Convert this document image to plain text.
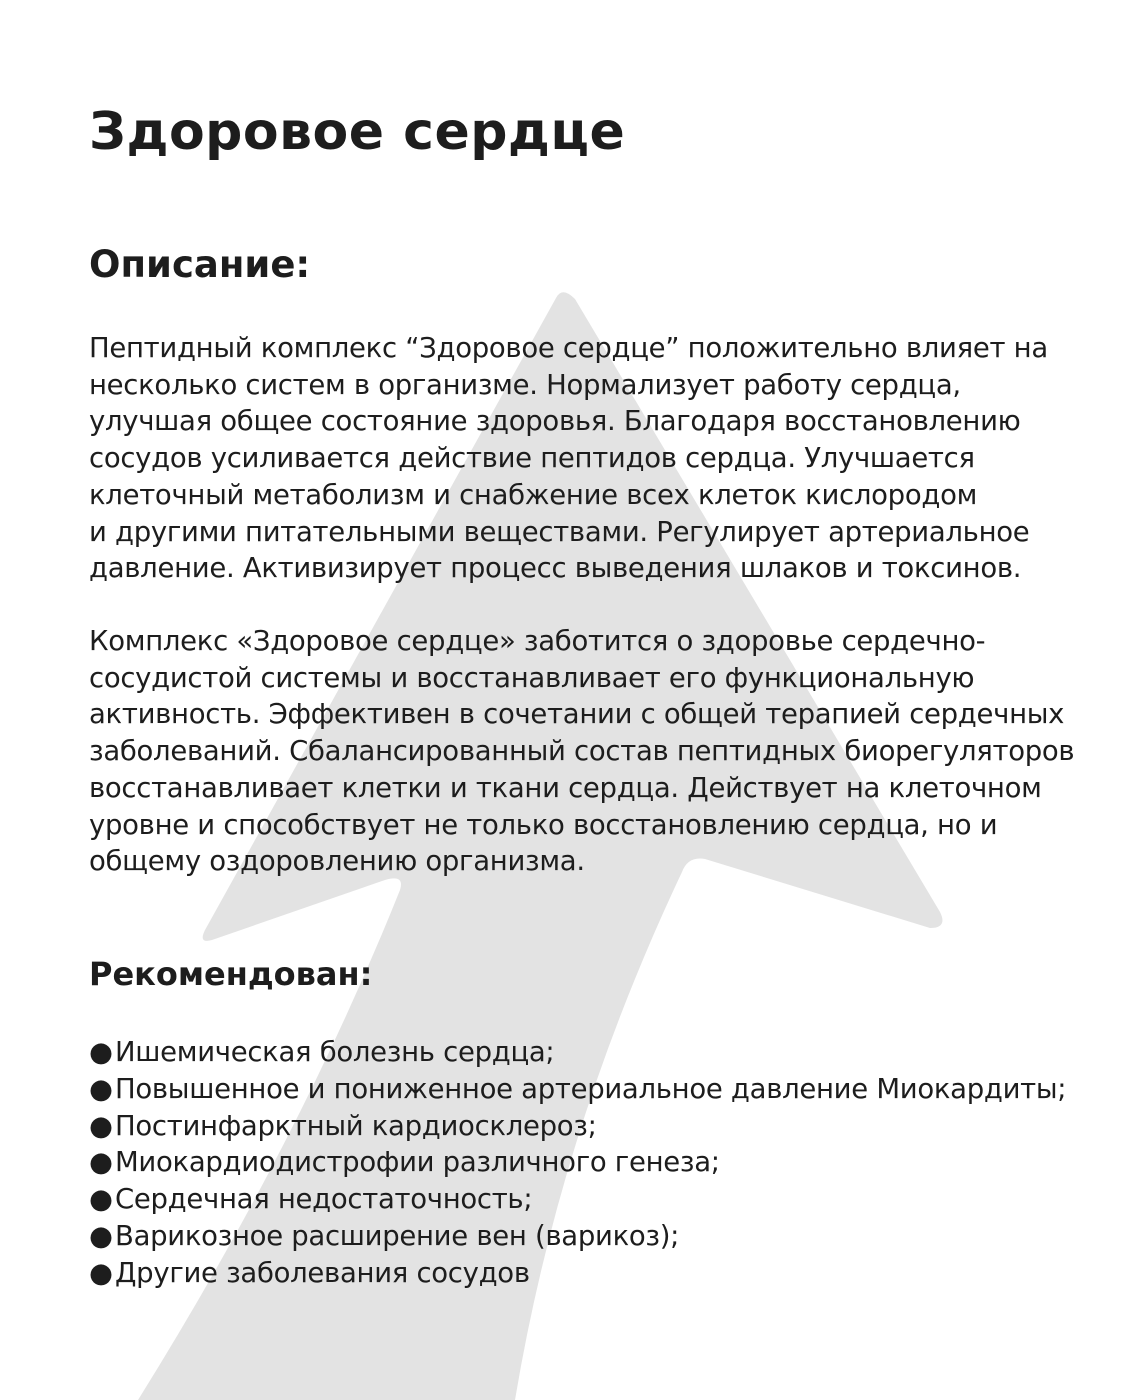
Здоровое сердце
Описание:

Пептидный комплекс “Здоровое сердце” положительно влияет на
несколько систем в организме. Нормализует работу сердца,
улучшая общее состояние здоровья. Благодаря восстановлению
сосудов усиливается действие пептидов сердца. Улучшается
клеточный метаболизм и снабжение всех клеток кислородом
и другими питательными веществами. Регулирует артериальное
давление. Активизирует процесс выведения шлаков и токсинов.

Комплекс «Здоровое сердце» заботится о здоровье сердечно-
сосудистой системы и восстанавливает его функциональную
активность. Эффективен в сочетании с общей терапией сердечных
заболеваний. Сбалансированный состав пептидных биорегуляторов
восстанавливает клетки и ткани сердца. Действует на клеточном
уровне и способствует не только восстановлению сердца, но и
общему оздоровлению организма.

Рекомендован:
●Ишемическая болезнь сердца;
●Повышенное и пониженное артериальное давление Миокардиты;
●Постинфарктный кардиосклероз;
●Миокардиодистрофии различного генеза;
●Сердечная недостаточность;
●Варикозное расширение вен (варикоз);
●Другие заболевания сосудов
